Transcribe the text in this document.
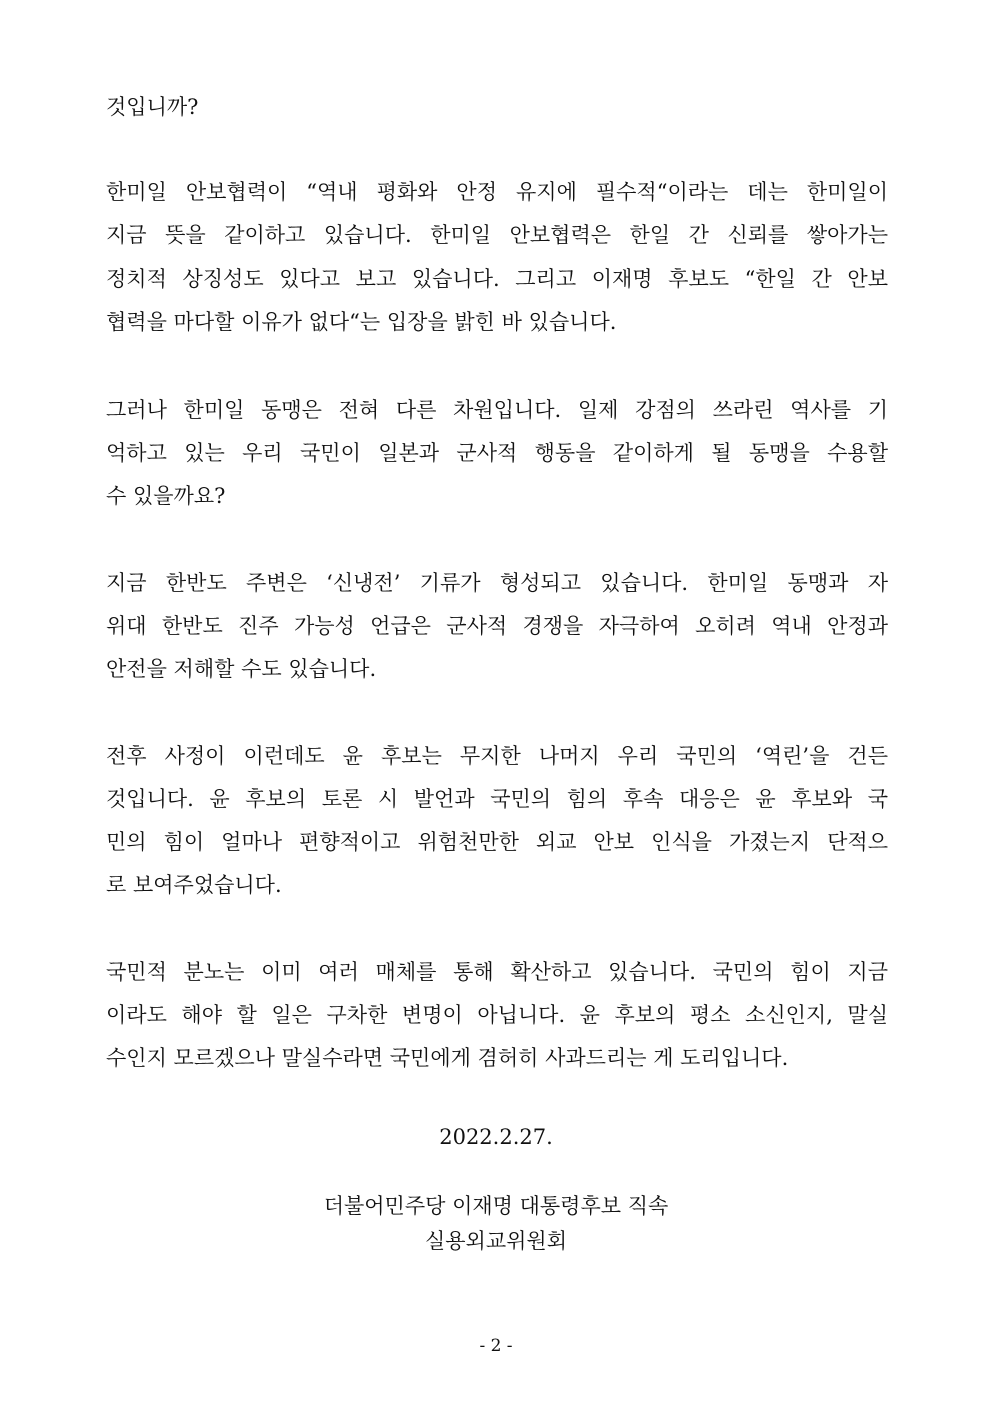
것입니까?
한미일 안보협력이 “역내 평화와 안정 유지에 필수적“이라는 데는 한미일이
지금 뜻을 같이하고 있습니다. 한미일 안보협력은 한일 간 신뢰를 쌓아가는
정치적 상징성도 있다고 보고 있습니다. 그리고 이재명 후보도 “한일 간 안보
협력을 마다할 이유가 없다“는 입장을 밝힌 바 있습니다.
그러나 한미일 동맹은 전혀 다른 차원입니다. 일제 강점의 쓰라린 역사를 기
억하고 있는 우리 국민이 일본과 군사적 행동을 같이하게 될 동맹을 수용할
수 있을까요?
지금 한반도 주변은 ‘신냉전’ 기류가 형성되고 있습니다. 한미일 동맹과 자
위대 한반도 진주 가능성 언급은 군사적 경쟁을 자극하여 오히려 역내 안정과
안전을 저해할 수도 있습니다.
전후 사정이 이런데도 윤 후보는 무지한 나머지 우리 국민의 ‘역린’을 건든
것입니다. 윤 후보의 토론 시 발언과 국민의 힘의 후속 대응은 윤 후보와 국
민의 힘이 얼마나 편향적이고 위험천만한 외교 안보 인식을 가졌는지 단적으
로 보여주었습니다.
국민적 분노는 이미 여러 매체를 통해 확산하고 있습니다. 국민의 힘이 지금
이라도 해야 할 일은 구차한 변명이 아닙니다. 윤 후보의 평소 소신인지, 말실
수인지 모르겠으나 말실수라면 국민에게 겸허히 사과드리는 게 도리입니다.
2022.2.27.
더불어민주당 이재명 대통령후보 직속
실용외교위원회
- 2 -
